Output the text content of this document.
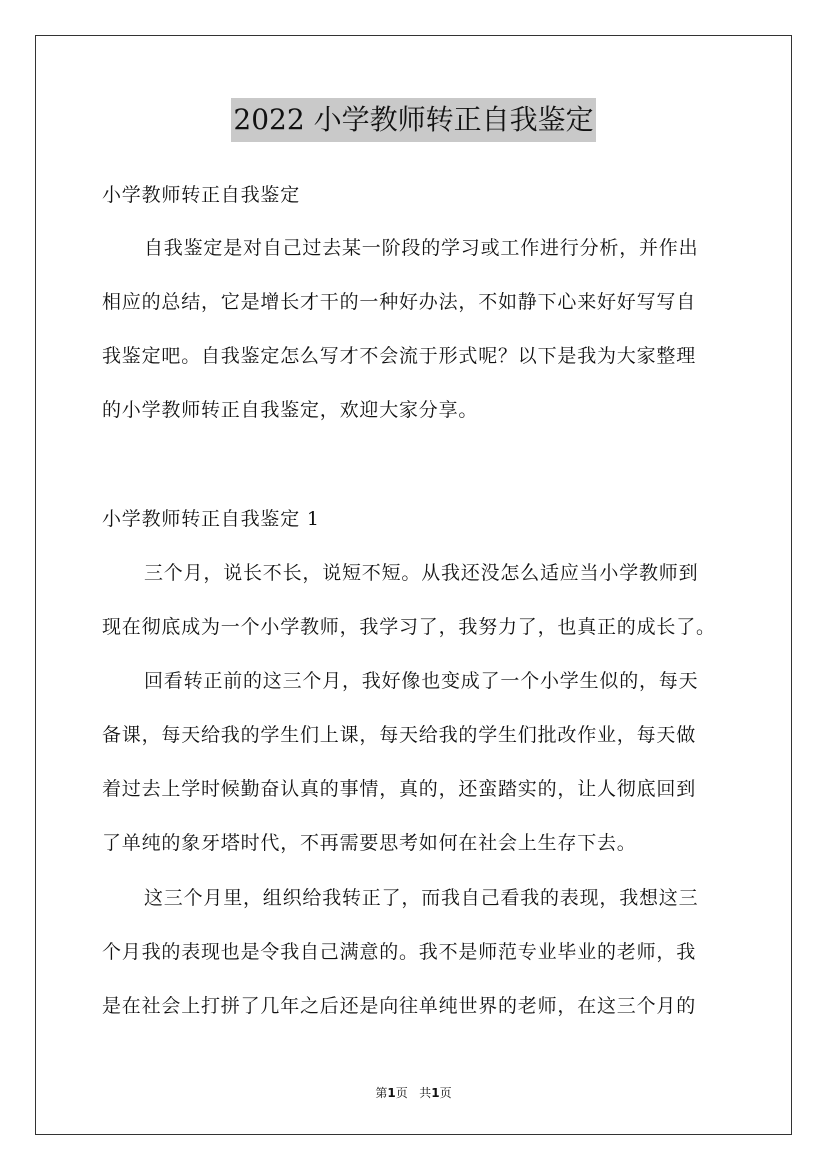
2022 小学教师转正自我鉴定
小学教师转正自我鉴定
自我鉴定是对自己过去某一阶段的学习或工作进行分析，并作出
相应的总结，它是增长才干的一种好办法，不如静下心来好好写写自
我鉴定吧。自我鉴定怎么写才不会流于形式呢？以下是我为大家整理
的小学教师转正自我鉴定，欢迎大家分享。
小学教师转正自我鉴定 1
三个月，说长不长，说短不短。从我还没怎么适应当小学教师到
现在彻底成为一个小学教师，我学习了，我努力了，也真正的成长了。
回看转正前的这三个月，我好像也变成了一个小学生似的，每天
备课，每天给我的学生们上课，每天给我的学生们批改作业，每天做
着过去上学时候勤奋认真的事情，真的，还蛮踏实的，让人彻底回到
了单纯的象牙塔时代，不再需要思考如何在社会上生存下去。
这三个月里，组织给我转正了，而我自己看我的表现，我想这三
个月我的表现也是令我自己满意的。我不是师范专业毕业的老师，我
是在社会上打拼了几年之后还是向往单纯世界的老师，在这三个月的
第1页 共1页
